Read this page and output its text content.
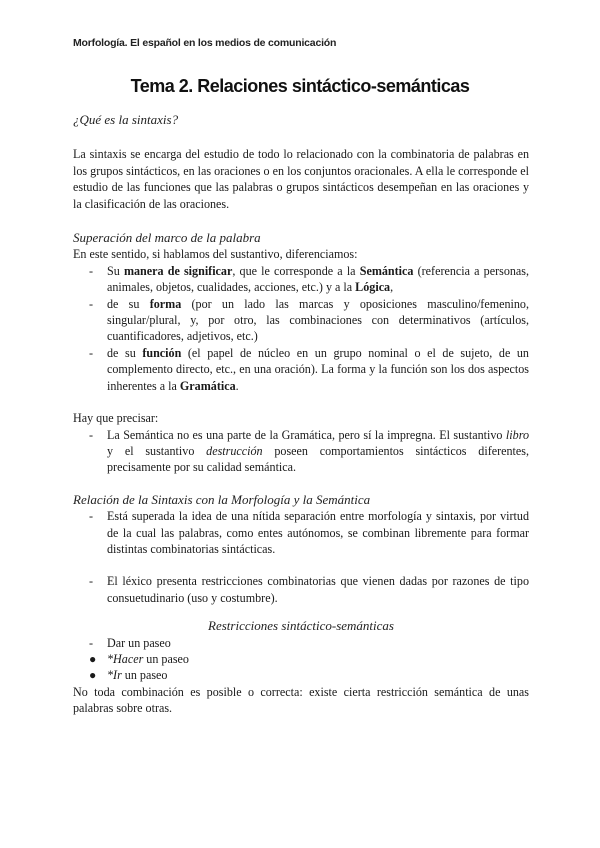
Morfología. El español en los medios de comunicación
Tema 2. Relaciones sintáctico-semánticas

¿Qué es la sintaxis?

La sintaxis se encarga del estudio de todo lo relacionado con la combinatoria de palabras en los grupos sintácticos, en las oraciones o en los conjuntos oracionales. A ella le corresponde el estudio de las funciones que las palabras o grupos sintácticos desempeñan en las oraciones y la clasificación de las oraciones.

Superación del marco de la palabra

En este sentido, si hablamos del sustantivo, diferenciamos:

- Su manera de significar, que le corresponde a la Semántica (referencia a personas, animales, objetos, cualidades, acciones, etc.) y a la Lógica,
- de su forma (por un lado las marcas y oposiciones masculino/femenino, singular/plural, y, por otro, las combinaciones con determinativos (artículos, cuantificadores, adjetivos, etc.)
- de su función (el papel de núcleo en un grupo nominal o el de sujeto, de un complemento directo, etc., en una oración). La forma y la función son los dos aspectos inherentes a la Gramática.

Hay que precisar:

- La Semántica no es una parte de la Gramática, pero sí la impregna. El sustantivo libro y el sustantivo destrucción poseen comportamientos sintácticos diferentes, precisamente por su calidad semántica.

Relación de la Sintaxis con la Morfología y la Semántica

- Está superada la idea de una nítida separación entre morfología y sintaxis, por virtud de la cual las palabras, como entes autónomos, se combinan libremente para formar distintas combinatorias sintácticas.
- El léxico presenta restricciones combinatorias que vienen dadas por razones de tipo consuetudinario (uso y costumbre).

Restricciones sintáctico-semánticas

- Dar un paseo
● *Hacer un paseo
● *Ir un paseo

No toda combinación es posible o correcta: existe cierta restricción semántica de unas palabras sobre otras.
